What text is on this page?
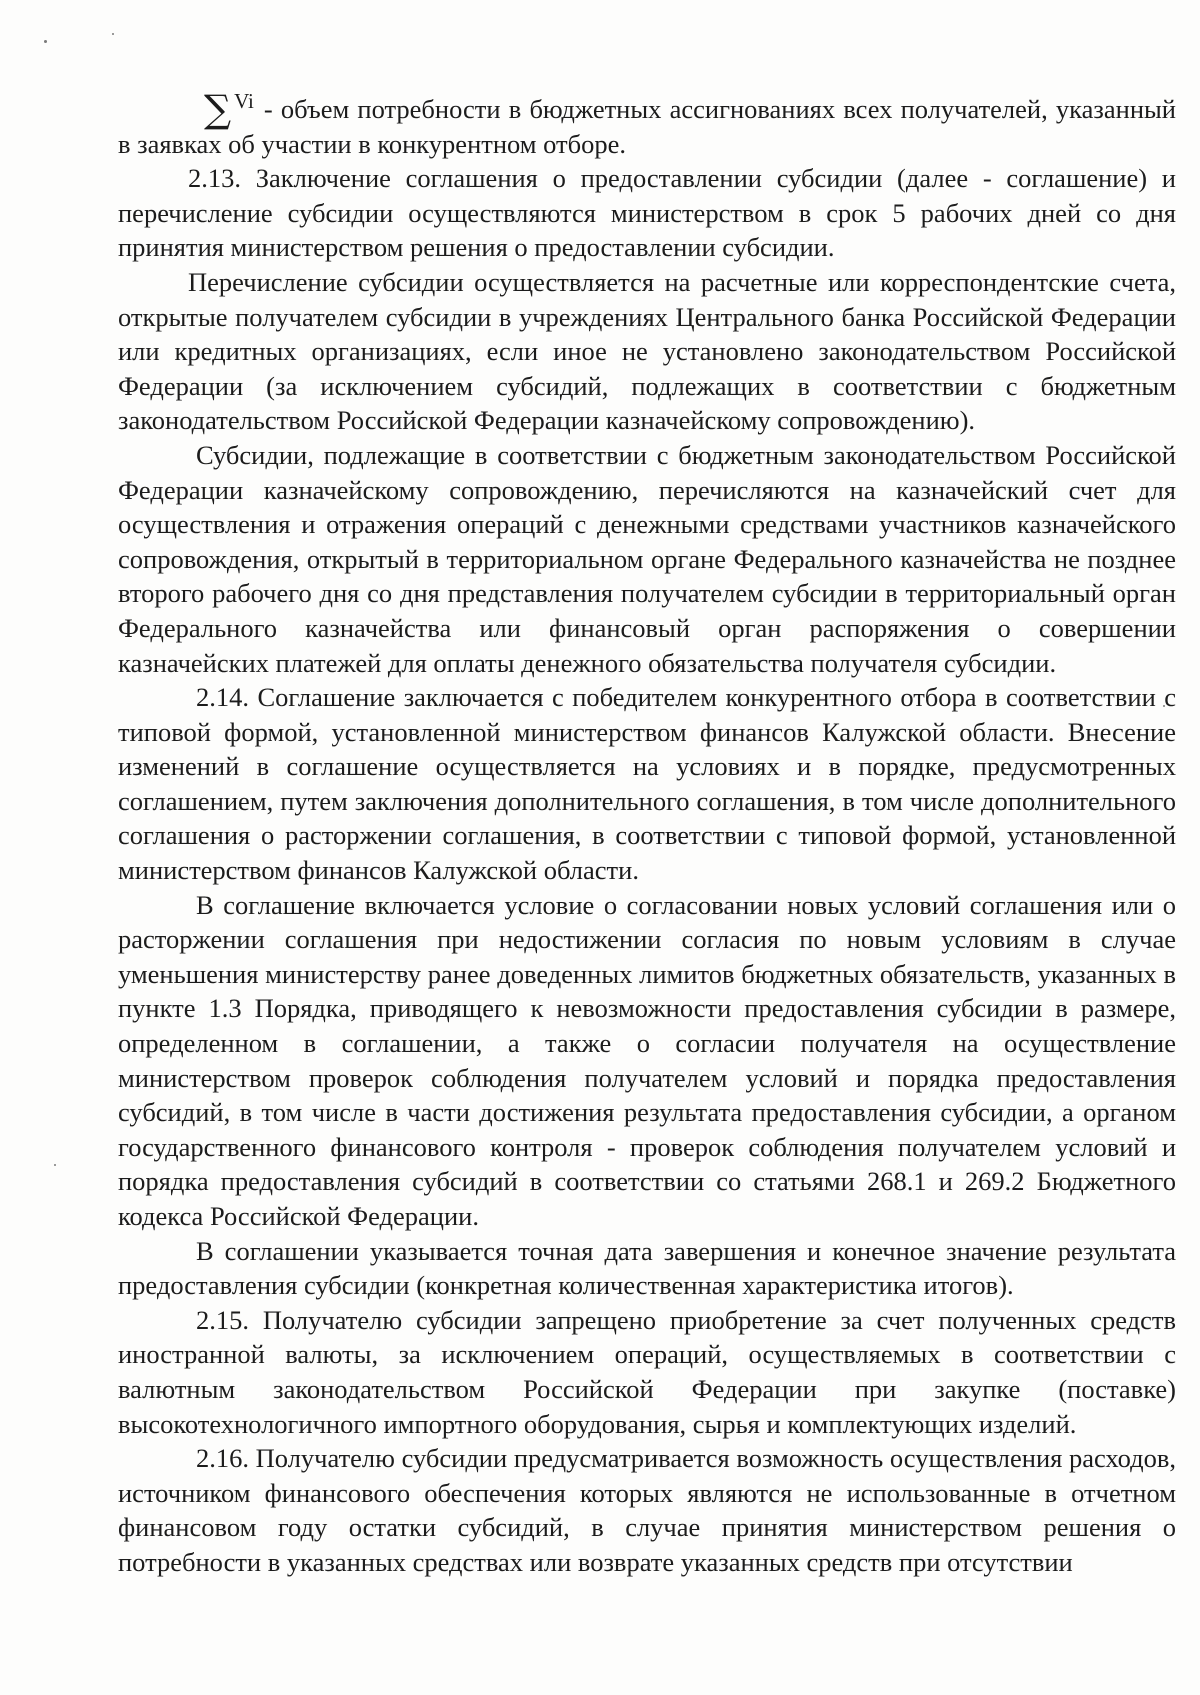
∑ $^{Vi}$ - объем потребности в бюджетных ассигнованиях всех получателей, указанный в заявках об участии в конкурентном отборе.

2.13. Заключение соглашения о предоставлении субсидии (далее - соглашение) и перечисление субсидии осуществляются министерством в срок 5 рабочих дней со дня принятия министерством решения о предоставлении субсидии.

Перечисление субсидии осуществляется на расчетные или корреспондентские счета, открытые получателем субсидии в учреждениях Центрального банка Российской Федерации или кредитных организациях, если иное не установлено законодательством Российской Федерации (за исключением субсидий, подлежащих в соответствии с бюджетным законодательством Российской Федерации казначейскому сопровождению).

Субсидии, подлежащие в соответствии с бюджетным законодательством Российской Федерации казначейскому сопровождению, перечисляются на казначейский счет для осуществления и отражения операций с денежными средствами участников казначейского сопровождения, открытый в территориальном органе Федерального казначейства не позднее второго рабочего дня со дня представления получателем субсидии в территориальный орган Федерального казначейства или финансовый орган распоряжения о совершении казначейских платежей для оплаты денежного обязательства получателя субсидии.

2.14. Соглашение заключается с победителем конкурентного отбора в соответствии с типовой формой, установленной министерством финансов Калужской области. Внесение изменений в соглашение осуществляется на условиях и в порядке, предусмотренных соглашением, путем заключения дополнительного соглашения, в том числе дополнительного соглашения о расторжении соглашения, в соответствии с типовой формой, установленной министерством финансов Калужской области.

В соглашение включается условие о согласовании новых условий соглашения или о расторжении соглашения при недостижении согласия по новым условиям в случае уменьшения министерству ранее доведенных лимитов бюджетных обязательств, указанных в пункте 1.3 Порядка, приводящего к невозможности предоставления субсидии в размере, определенном в соглашении, а также о согласии получателя на осуществление министерством проверок соблюдения получателем условий и порядка предоставления субсидий, в том числе в части достижения результата предоставления субсидии, а органом государственного финансового контроля - проверок соблюдения получателем условий и порядка предоставления субсидий в соответствии со статьями 268.1 и 269.2 Бюджетного кодекса Российской Федерации.

В соглашении указывается точная дата завершения и конечное значение результата предоставления субсидии (конкретная количественная характеристика итогов).

2.15. Получателю субсидии запрещено приобретение за счет полученных средств иностранной валюты, за исключением операций, осуществляемых в соответствии с валютным законодательством Российской Федерации при закупке (поставке) высокотехнологичного импортного оборудования, сырья и комплектующих изделий.

2.16. Получателю субсидии предусматривается возможность осуществления расходов, источником финансового обеспечения которых являются не использованные в отчетном финансовом году остатки субсидий, в случае принятия министерством решения о потребности в указанных средствах или возврате указанных средств при отсутствии
